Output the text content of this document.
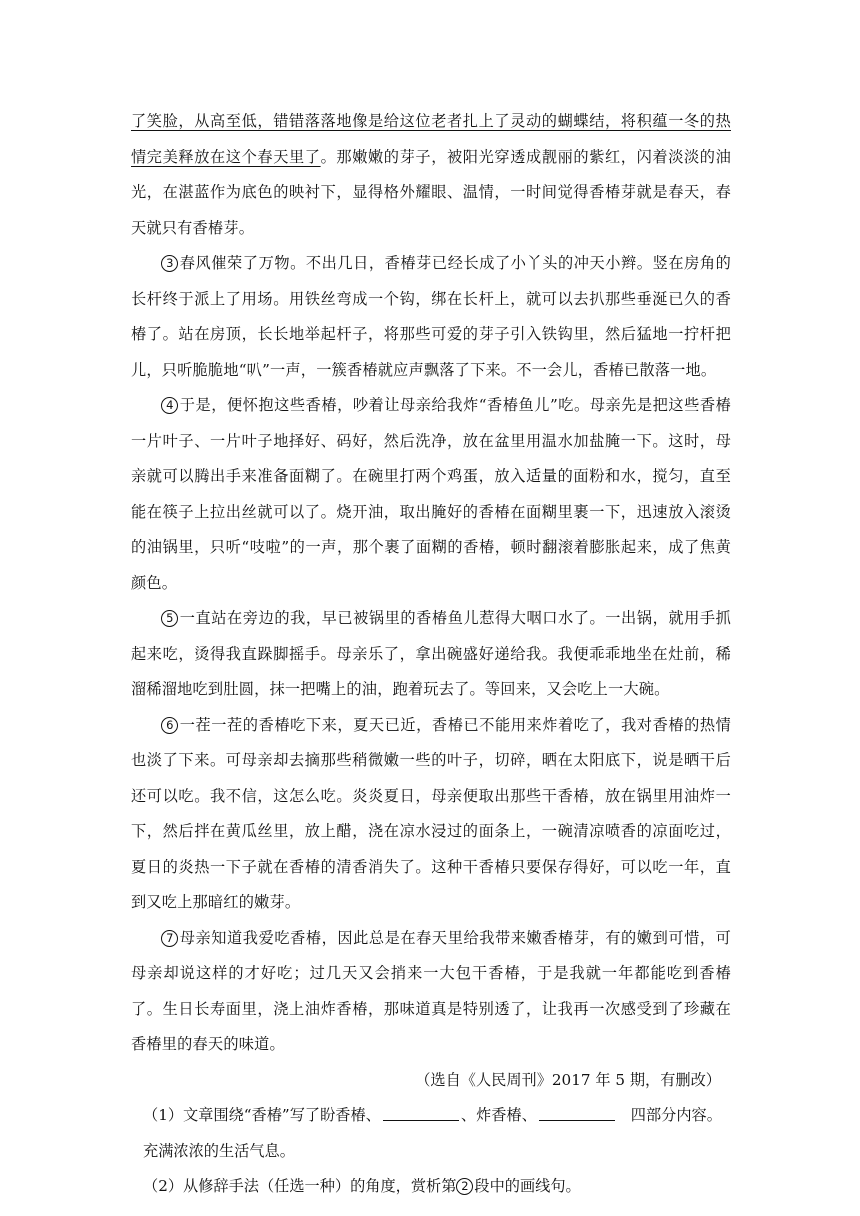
了笑脸，从高至低，错错落落地像是给这位老者扎上了灵动的蝴蝶结，将积蕴一冬的热情完美释放在这个春天里了。那嫩嫩的芽子，被阳光穿透成靓丽的紫红，闪着淡淡的油光，在湛蓝作为底色的映衬下，显得格外耀眼、温情，一时间觉得香椿芽就是春天，春天就只有香椿芽。

3 春风催荣了万物。不出几日，香椿芽已经长成了小丫头的冲天小辫。竖在房角的长杆终于派上了用场。用铁丝弯成一个钩，绑在长杆上，就可以去扒那些垂涎已久的香椿了。站在房顶，长长地举起杆子，将那些可爱的芽子引入铁钩里，然后猛地一拧杆把儿，只听脆脆地“叭”一声，一簇香椿就应声飘落了下来。不一会儿，香椿已散落一地。

4 于是，便怀抱这些香椿，吵着让母亲给我炸“香椿鱼儿”吃。母亲先是把这些香椿一片叶子、一片叶子地择好、码好，然后洗净，放在盆里用温水加盐腌一下。这时，母亲就可以腾出手来准备面糊了。在碗里打两个鸡蛋，放入适量的面粉和水，搅匀，直至能在筷子上拉出丝就可以了。烧开油，取出腌好的香椿在面糊里裹一下，迅速放入滚烫的油锅里，只听“吱啦”的一声，那个裹了面糊的香椿，顿时翻滚着膨胀起来，成了焦黄颜色。

5 一直站在旁边的我，早已被锅里的香椿鱼儿惹得大咽口水了。一出锅，就用手抓起来吃，烫得我直跺脚摇手。母亲乐了，拿出碗盛好递给我。我便乖乖地坐在灶前，稀溜稀溜地吃到肚圆，抹一把嘴上的油，跑着玩去了。等回来，又会吃上一大碗。

6 一茬一茬的香椿吃下来，夏天已近，香椿已不能用来炸着吃了，我对香椿的热情也淡了下来。可母亲却去摘那些稍微嫩一些的叶子，切碎，晒在太阳底下，说是晒干后还可以吃。我不信，这怎么吃。炎炎夏日，母亲便取出那些干香椿，放在锅里用油炸一下，然后拌在黄瓜丝里，放上醋，浇在凉水浸过的面条上，一碗清凉喷香的凉面吃过，夏日的炎热一下子就在香椿的清香消失了。这种干香椿只要保存得好，可以吃一年，直到又吃上那暗红的嫩芽。

7 母亲知道我爱吃香椿，因此总是在春天里给我带来嫩香椿芽，有的嫩到可惜，可母亲却说这样的才好吃；过几天又会捎来一大包干香椿，于是我就一年都能吃到香椿了。生日长寿面里，浇上油炸香椿，那味道真是特别透了，让我再一次感受到了珍藏在香椿里的春天的味道。

（选自《人民周刊》2017 年 5 期，有删改）

（1）文章围绕“香椿”写了盼香椿、	、炸香椿、	四部分内容。
充满浓浓的生活气息。

（2）从修辞手法（任选一种）的角度，赏析第 2 段中的画线句。
